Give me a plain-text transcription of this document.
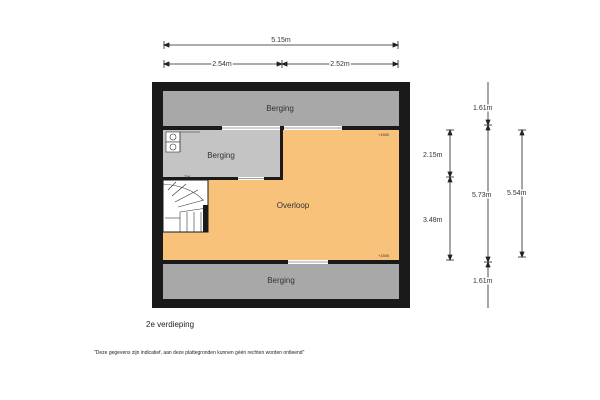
5.15m
2.54m	2.52m
TW
Berging
Berging
Overloop
Berging
+1500
+1500
1.61m
2.15m
5.73m 5.54m
3.48m
1.61m
2e verdieping
"Deze gegevens zijn indicatief, aan deze plattegronden kunnen géén rechten worden ontleend"
